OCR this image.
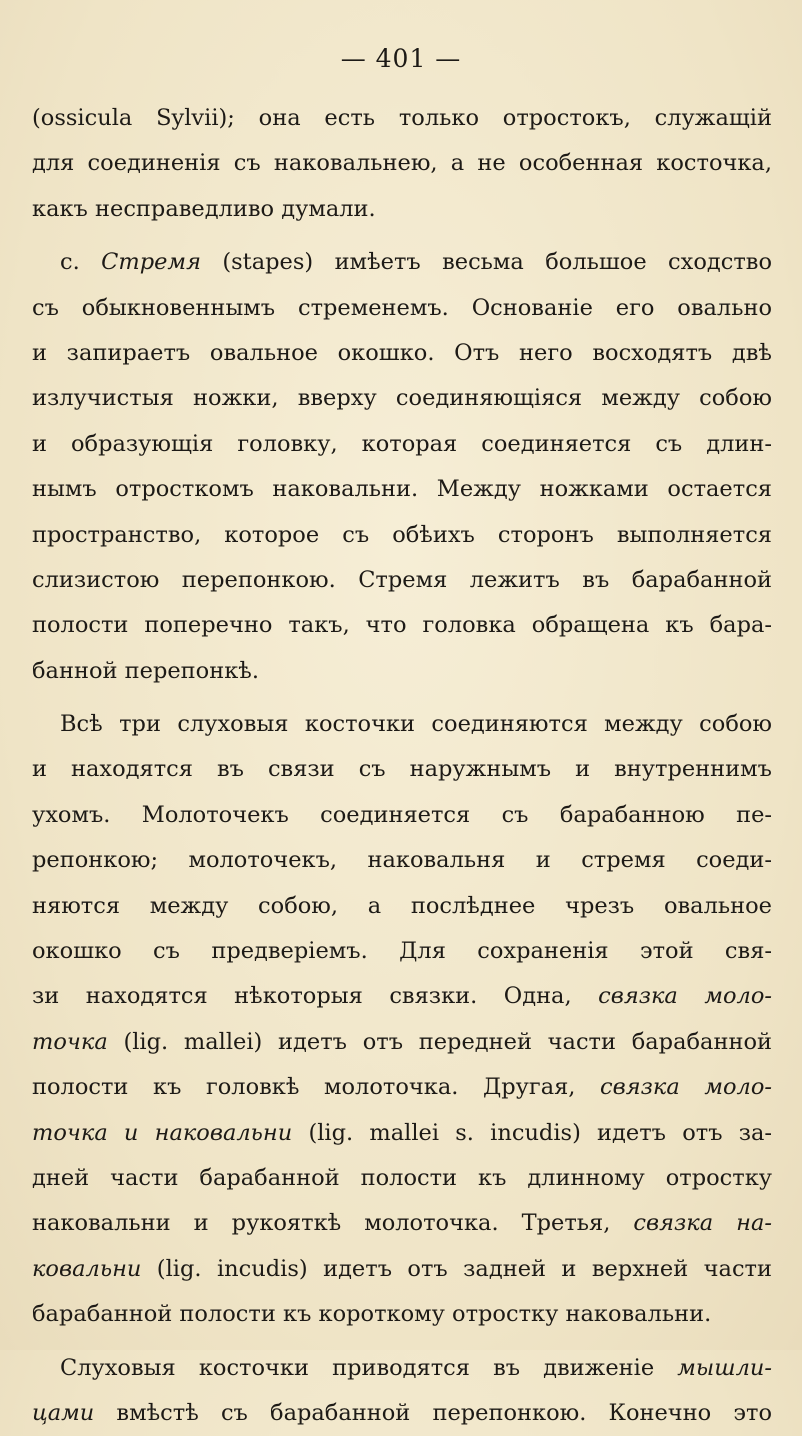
— 401 —
(ossicula Sylvii); она есть только отростокъ, служащій
для соединенія съ наковальнею, а не особенная косточка,
какъ несправедливо думали.
c. Стремя (stapes) имѣетъ весьма большое сходство
съ обыкновеннымъ стременемъ. Основаніе его овально
и запираетъ овальное окошко. Отъ него восходятъ двѣ
излучистыя ножки, вверху соединяющіяся между собою
и образующія головку, которая соединяется съ длин-
нымъ отросткомъ наковальни. Между ножками остается
пространство, которое съ обѣихъ сторонъ выполняется
слизистою перепонкою. Стремя лежитъ въ барабанной
полости поперечно такъ, что головка обращена къ бара-
банной перепонкѣ.
Всѣ три слуховыя косточки соединяются между собою
и находятся въ связи съ наружнымъ и внутреннимъ
ухомъ. Молоточекъ соединяется съ барабанною пе-
репонкою; молоточекъ, наковальня и стремя соеди-
няются между собою, а послѣднее чрезъ овальное
окошко съ предверіемъ. Для сохраненія этой свя-
зи находятся нѣкоторыя связки. Одна, связка моло-
точка (lig. mallei) идетъ отъ передней части барабанной
полости къ головкѣ молоточка. Другая, связка моло-
точка и наковальни (lig. mallei s. incudis) идетъ отъ за-
дней части барабанной полости къ длинному отростку
наковальни и рукояткѣ молоточка. Третья, связка на-
ковальни (lig. incudis) идетъ отъ задней и верхней части
барабанной полости къ короткому отростку наковальни.
Слуховыя косточки приводятся въ движеніе мышли-
цами вмѣстѣ съ барабанной перепонкою. Конечно это
